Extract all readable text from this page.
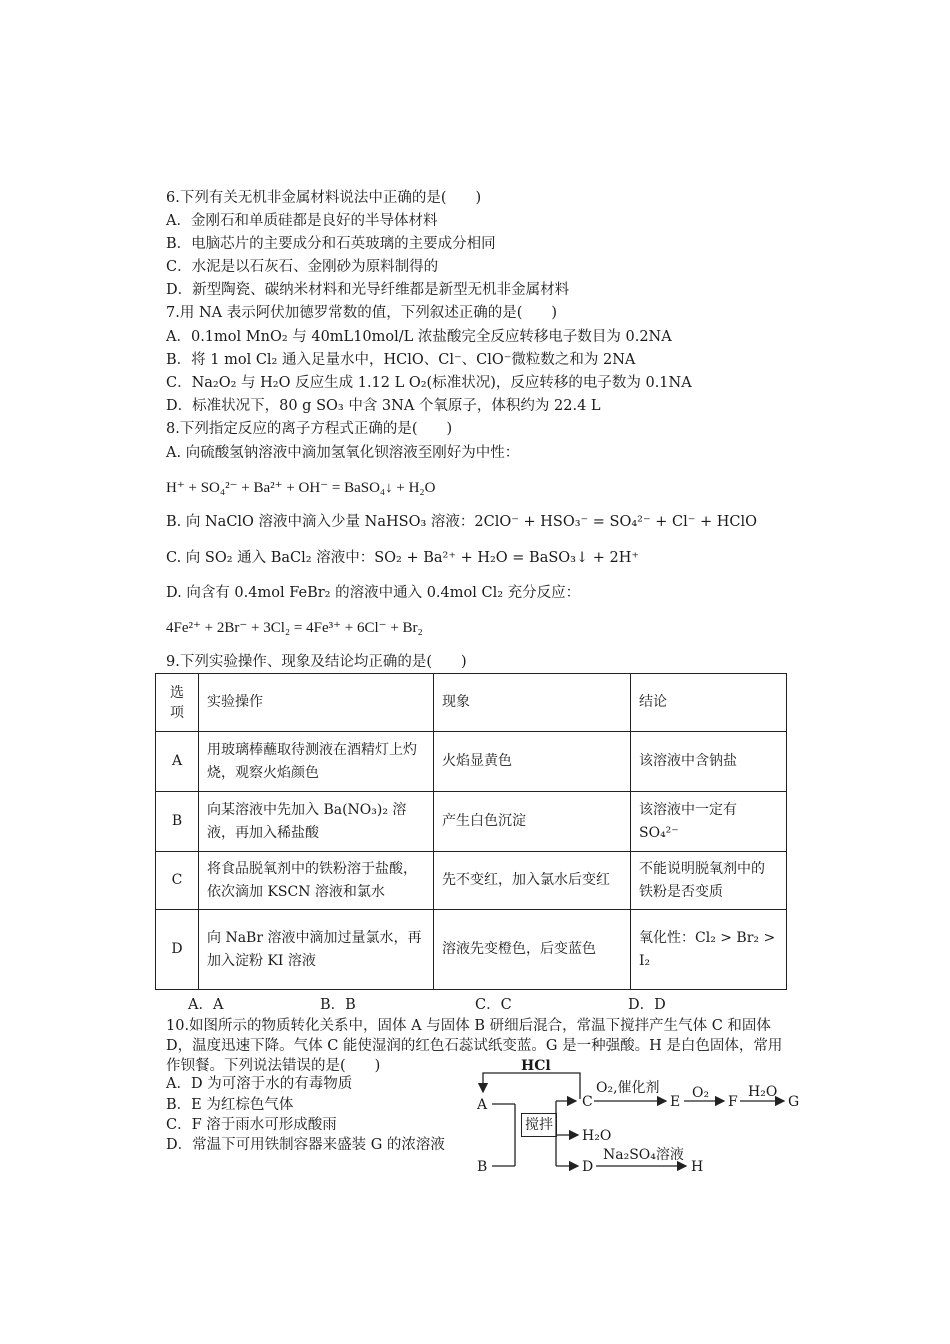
6.下列有关无机非金属材料说法中正确的是(　　)
A．金刚石和单质硅都是良好的半导体材料
B．电脑芯片的主要成分和石英玻璃的主要成分相同
C．水泥是以石灰石、金刚砂为原料制得的
D．新型陶瓷、碳纳米材料和光导纤维都是新型无机非金属材料
7.用 NA 表示阿伏加德罗常数的值，下列叙述正确的是(　　)
A．0.1mol MnO₂ 与 40mL10mol/L 浓盐酸完全反应转移电子数目为 0.2NA
B．将 1 mol Cl₂ 通入足量水中，HClO、Cl⁻、ClO⁻微粒数之和为 2NA
C．Na₂O₂ 与 H₂O 反应生成 1.12 L O₂(标准状况)，反应转移的电子数为 0.1NA
D．标准状况下，80 g SO₃ 中含 3NA 个氧原子，体积约为 22.4 L
8.下列指定反应的离子方程式正确的是(　　)
A. 向硫酸氢钠溶液中滴加氢氧化钡溶液至刚好为中性：
H⁺ + SO₄²⁻ + Ba²⁺ + OH⁻ = BaSO₄↓ + H₂O
B. 向 NaClO 溶液中滴入少量 NaHSO₃ 溶液：2ClO⁻ + HSO₃⁻ = SO₄²⁻ + Cl⁻ + HClO
C. 向 SO₂ 通入 BaCl₂ 溶液中：SO₂ + Ba²⁺ + H₂O = BaSO₃↓ + 2H⁺
D. 向含有 0.4mol FeBr₂ 的溶液中通入 0.4mol Cl₂ 充分反应：
4Fe²⁺ + 2Br⁻ + 3Cl₂ = 4Fe³⁺ + 6Cl⁻ + Br₂
9.下列实验操作、现象及结论均正确的是(　　)
选项	实验操作	现象	结论
A	用玻璃棒蘸取待测液在酒精灯上灼烧，观察火焰颜色	火焰显黄色	该溶液中含钠盐
B	向某溶液中先加入 Ba(NO₃)₂ 溶液，再加入稀盐酸	产生白色沉淀	该溶液中一定有 SO₄²⁻
C	将食品脱氧剂中的铁粉溶于盐酸，依次滴加 KSCN 溶液和氯水	先不变红，加入氯水后变红	不能说明脱氧剂中的铁粉是否变质
D	向 NaBr 溶液中滴加过量氯水，再加入淀粉 KI 溶液	溶液先变橙色，后变蓝色	氧化性：Cl₂ > Br₂ > I₂
A．A	B．B	C．C	D．D
10.如图所示的物质转化关系中，固体 A 与固体 B 研细后混合，常温下搅拌产生气体 C 和固体 D，温度迅速下降。气体 C 能使湿润的红色石蕊试纸变蓝。G 是一种强酸。H 是白色固体，常用作钡餐。下列说法错误的是(　　)
A．D 为可溶于水的有毒物质
B．E 为红棕色气体
C．F 溶于雨水可形成酸雨
D．常温下可用铁制容器来盛装 G 的浓溶液
HCl
A
B
搅拌
C
O₂,催化剂
E
O₂
F
H₂O
G
H₂O
D
Na₂SO₄溶液
H
